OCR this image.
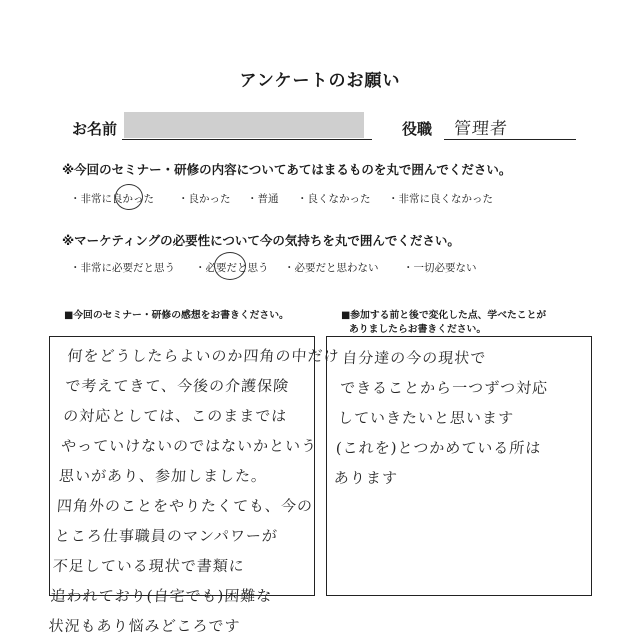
アンケートのお願い
お名前	役職 管理者
※今回のセミナー・研修の内容についてあてはまるものを丸で囲んでください。
・非常に良かった ・良かった ・普通 ・良くなかった ・非常に良くなかった
※マーケティングの必要性について今の気持ちを丸で囲んでください。
・非常に必要だと思う ・必要だと思う ・必要だと思わない ・一切必要ない
■今回のセミナー・研修の感想をお書きください。	■参加する前と後で変化した点、学べたことが
ありましたらお書きください。
何をどうしたらよいのか四角の中だけ
で考えてきて、今後の介護保険
の対応としては、このままでは
やっていけないのではないかという
思いがあり、参加しました。
四角外のことをやりたくても、今の
ところ仕事職員のマンパワーが
不足している現状で書類に
追われており(自宅でも)困難な
状況もあり悩みどころです
自分達の今の現状で
できることから一つずつ対応
していきたいと思います
(これを)とつかめている所は
あります
